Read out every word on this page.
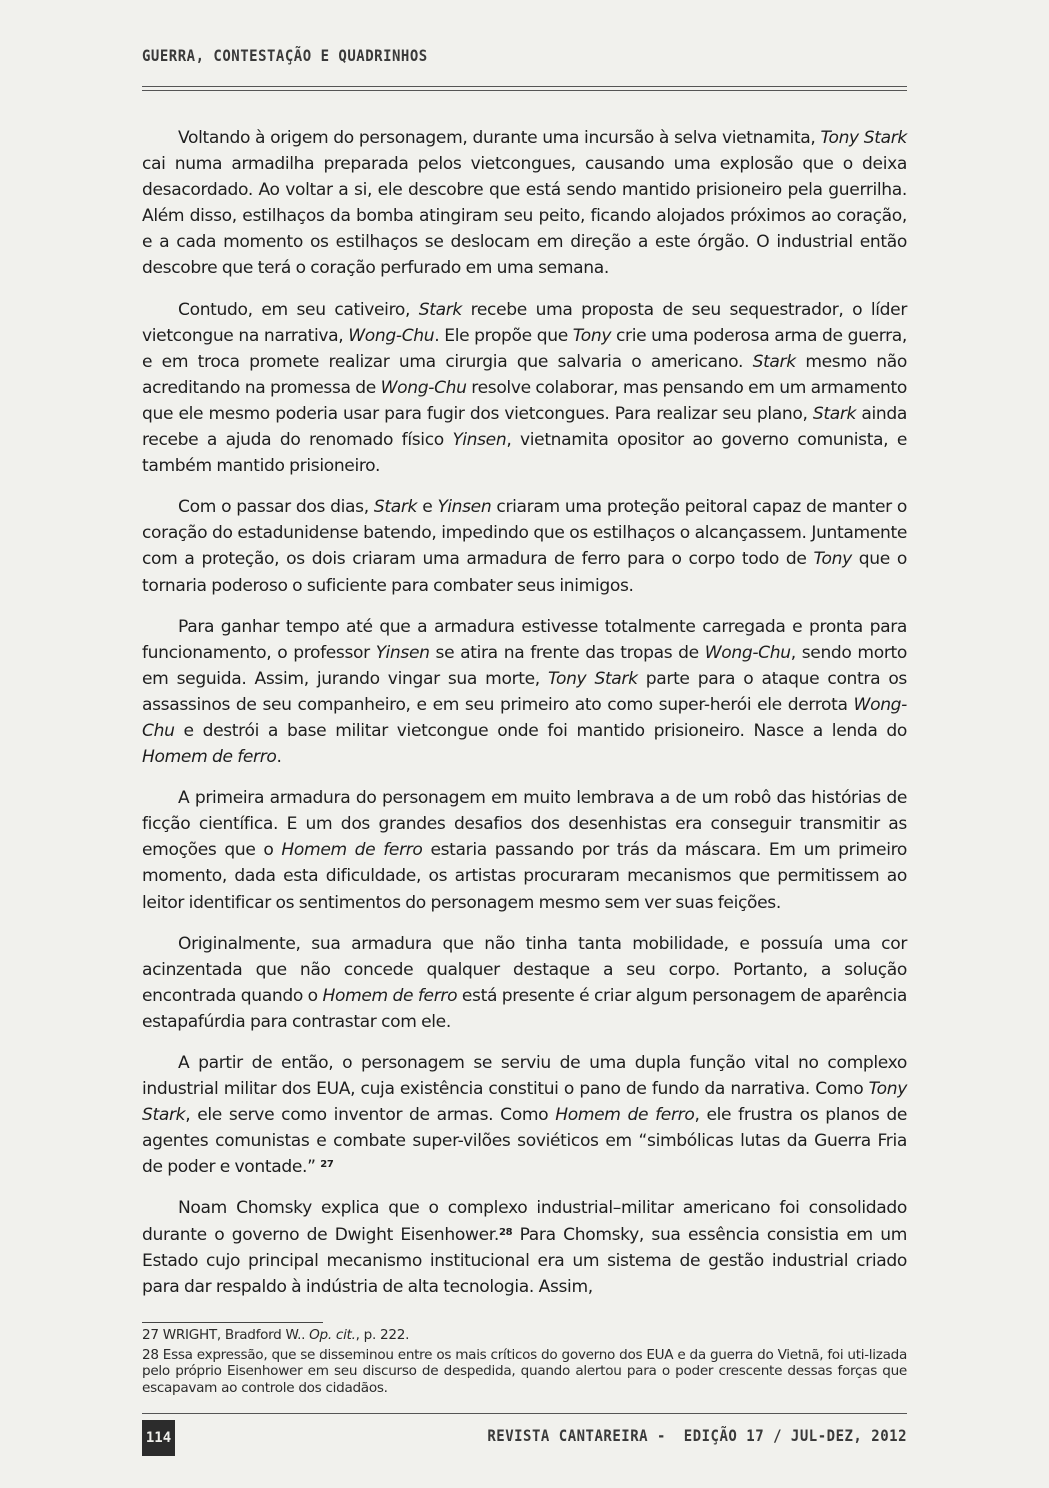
GUERRA, CONTESTAÇÃO E QUADRINHOS

Voltando à origem do personagem, durante uma incursão à selva vietnamita, Tony Stark cai numa armadilha preparada pelos vietcongues, causando uma explosão que o deixa desacordado. Ao voltar a si, ele descobre que está sendo mantido prisioneiro pela guerrilha. Além disso, estilhaços da bomba atingiram seu peito, ficando alojados próximos ao coração, e a cada momento os estilhaços se deslocam em direção a este órgão. O industrial então descobre que terá o coração perfurado em uma semana.

Contudo, em seu cativeiro, Stark recebe uma proposta de seu sequestrador, o líder vietcongue na narrativa, Wong-Chu. Ele propõe que Tony crie uma poderosa arma de guerra, e em troca promete realizar uma cirurgia que salvaria o americano. Stark mesmo não acreditando na promessa de Wong-Chu resolve colaborar, mas pensando em um armamento que ele mesmo poderia usar para fugir dos vietcongues. Para realizar seu plano, Stark ainda recebe a ajuda do renomado físico Yinsen, vietnamita opositor ao governo comunista, e também mantido prisioneiro.

Com o passar dos dias, Stark e Yinsen criaram uma proteção peitoral capaz de manter o coração do estadunidense batendo, impedindo que os estilhaços o alcançassem. Juntamente com a proteção, os dois criaram uma armadura de ferro para o corpo todo de Tony que o tornaria poderoso o suficiente para combater seus inimigos.

Para ganhar tempo até que a armadura estivesse totalmente carregada e pronta para funcionamento, o professor Yinsen se atira na frente das tropas de Wong-Chu, sendo morto em seguida. Assim, jurando vingar sua morte, Tony Stark parte para o ataque contra os assassinos de seu companheiro, e em seu primeiro ato como super-herói ele derrota Wong-Chu e destrói a base militar vietcongue onde foi mantido prisioneiro. Nasce a lenda do Homem de ferro.

A primeira armadura do personagem em muito lembrava a de um robô das histórias de ficção científica. E um dos grandes desafios dos desenhistas era conseguir transmitir as emoções que o Homem de ferro estaria passando por trás da máscara. Em um primeiro momento, dada esta dificuldade, os artistas procuraram mecanismos que permitissem ao leitor identificar os sentimentos do personagem mesmo sem ver suas feições.

Originalmente, sua armadura que não tinha tanta mobilidade, e possuía uma cor acinzentada que não concede qualquer destaque a seu corpo. Portanto, a solução encontrada quando o Homem de ferro está presente é criar algum personagem de aparência estapafúrdia para contrastar com ele.

A partir de então, o personagem se serviu de uma dupla função vital no complexo industrial militar dos EUA, cuja existência constitui o pano de fundo da narrativa. Como Tony Stark, ele serve como inventor de armas. Como Homem de ferro, ele frustra os planos de agentes comunistas e combate super-vilões soviéticos em “simbólicas lutas da Guerra Fria de poder e vontade.” $^{27}$

Noam Chomsky explica que o complexo industrial–militar americano foi consolidado durante o governo de Dwight Eisenhower.$^{28}$ Para Chomsky, sua essência consistia em um Estado cujo principal mecanismo institucional era um sistema de gestão industrial criado para dar respaldo à indústria de alta tecnologia. Assim,

27 WRIGHT, Bradford W.. Op. cit., p. 222.
28 Essa expressão, que se disseminou entre os mais críticos do governo dos EUA e da guerra do Vietnã, foi uti-lizada pelo próprio Eisenhower em seu discurso de despedida, quando alertou para o poder crescente dessas forças que escapavam ao controle dos cidadãos.
114	REVISTA CANTAREIRA -  EDIÇÃO 17 / JUL-DEZ, 2012
